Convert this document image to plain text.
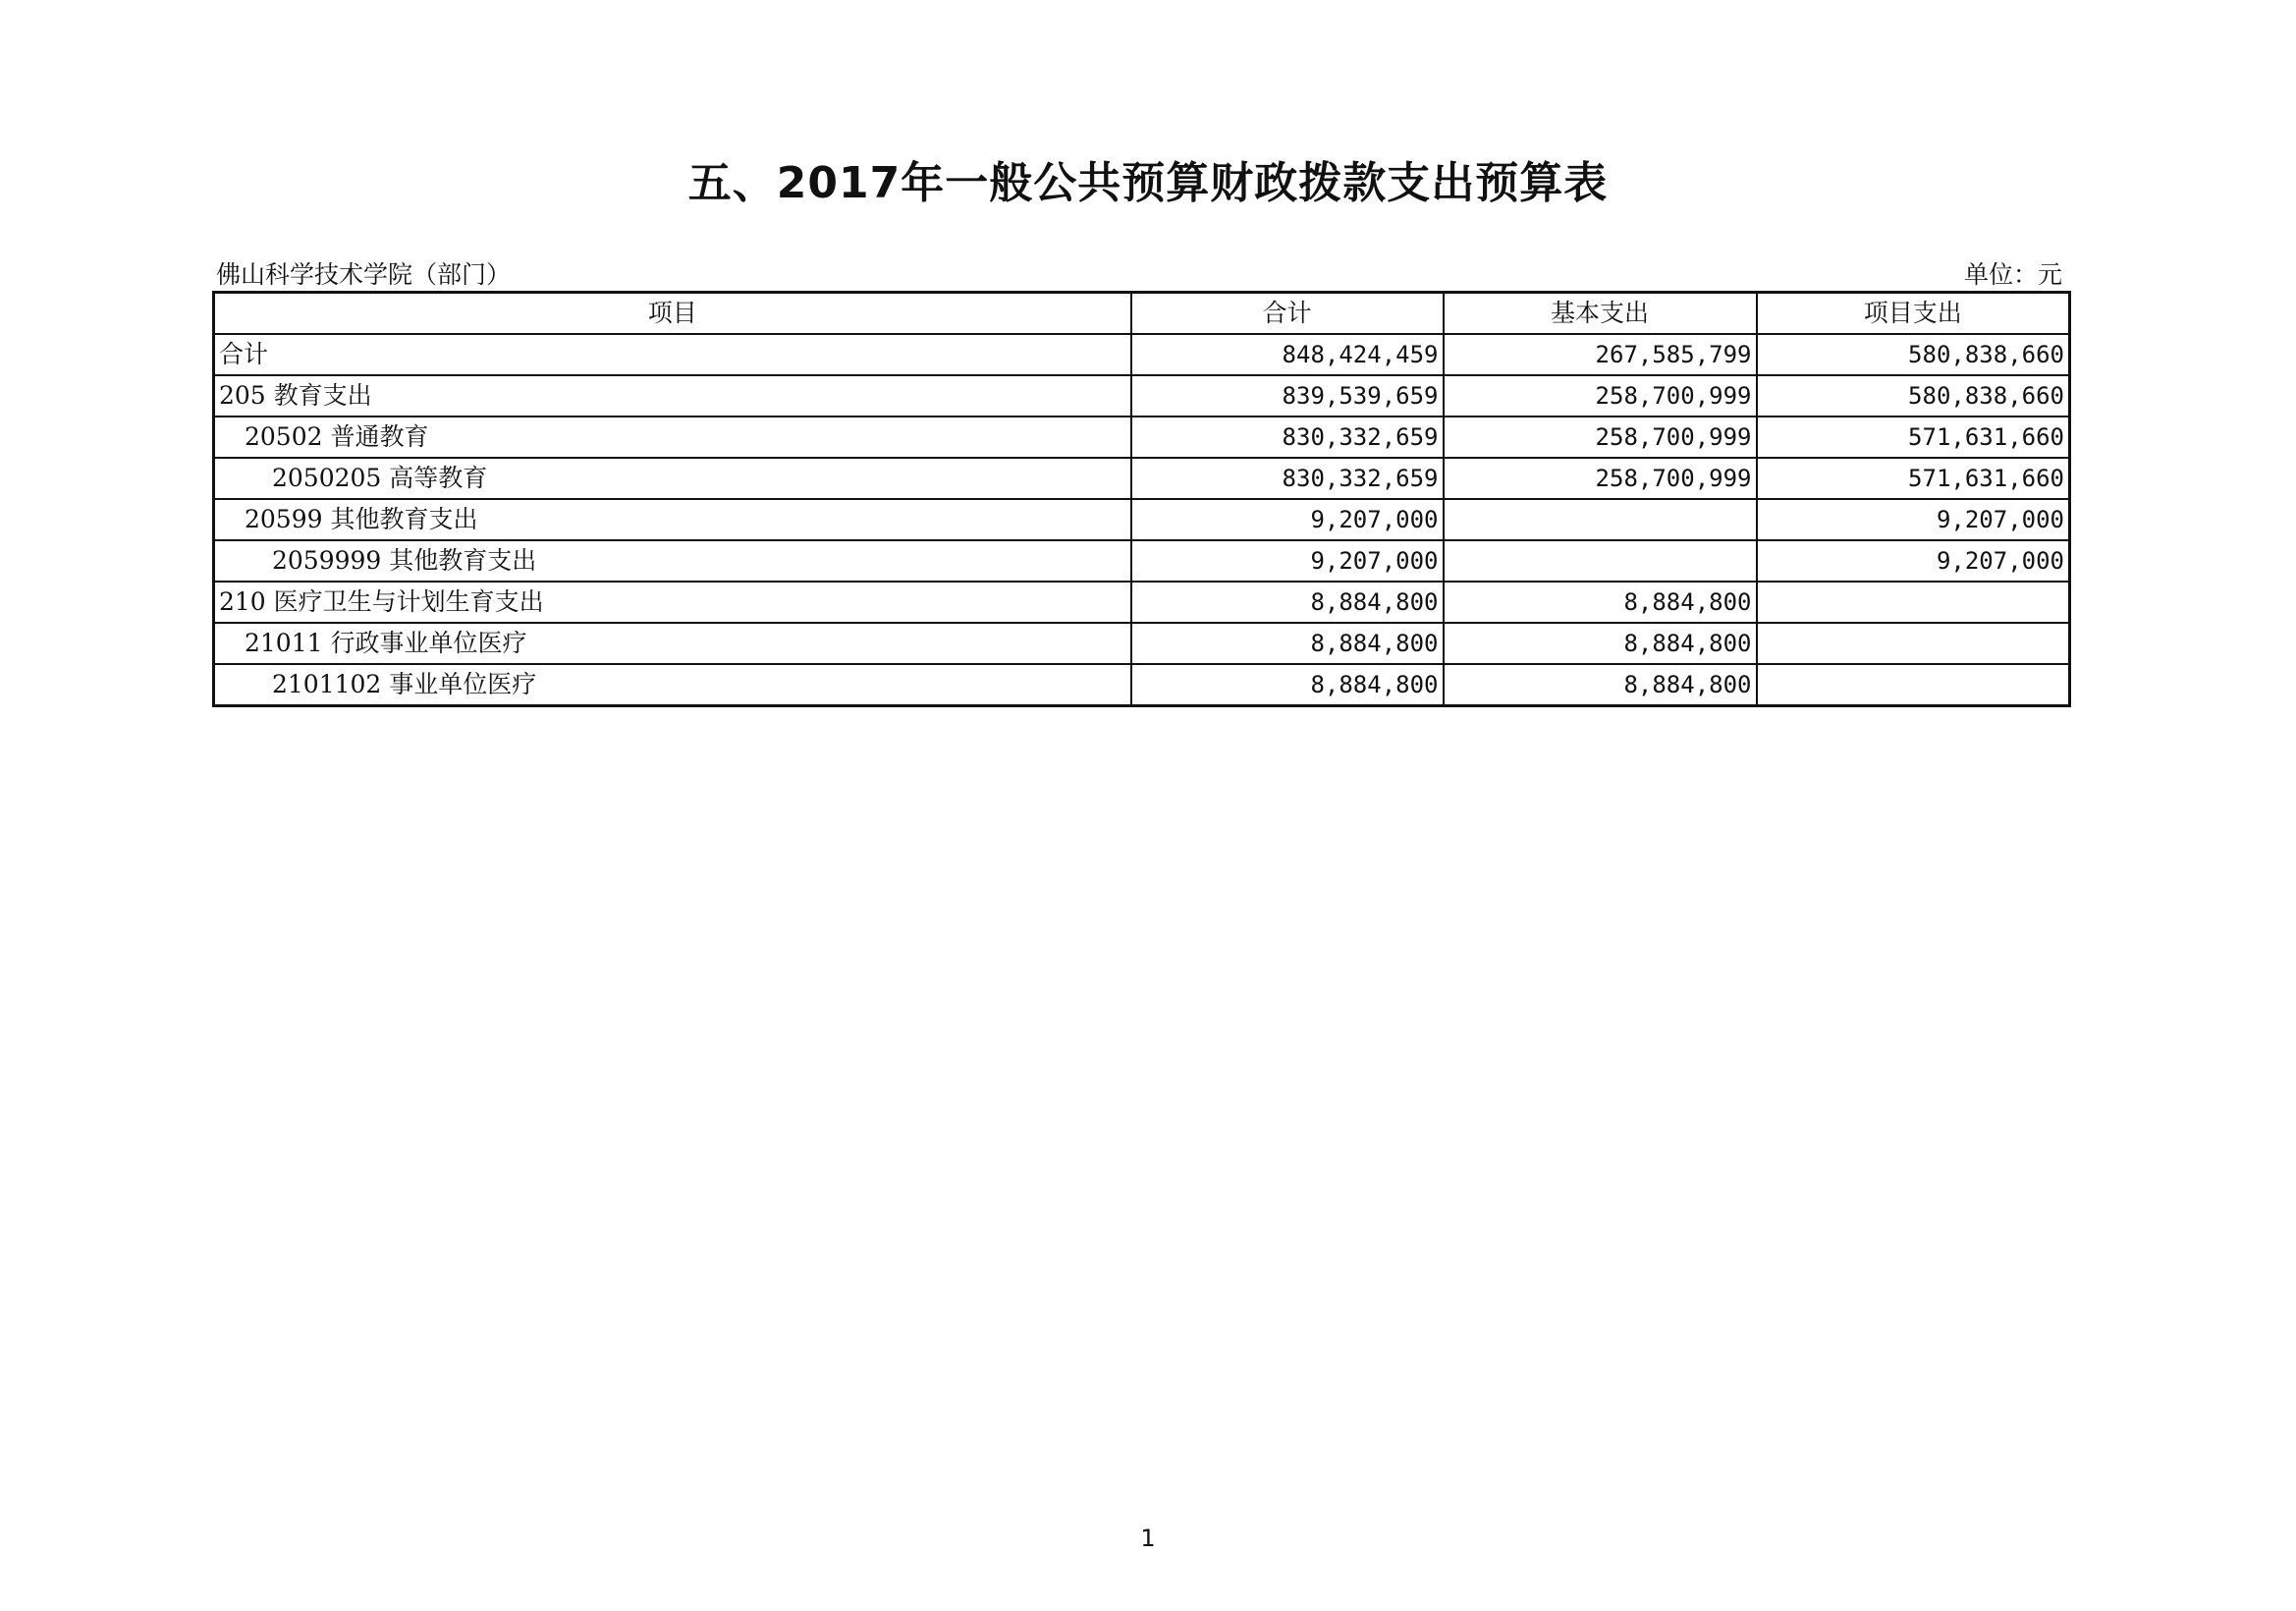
五、2017年一般公共预算财政拨款支出预算表
佛山科学技术学院（部门）	单位：元
项目	合计	基本支出	项目支出
合计	848,424,459	267,585,799	580,838,660
205 教育支出	839,539,659	258,700,999	580,838,660
20502 普通教育	830,332,659	258,700,999	571,631,660
2050205 高等教育	830,332,659	258,700,999	571,631,660
20599 其他教育支出	9,207,000		9,207,000
2059999 其他教育支出	9,207,000		9,207,000
210 医疗卫生与计划生育支出	8,884,800	8,884,800	
21011 行政事业单位医疗	8,884,800	8,884,800	
2101102 事业单位医疗	8,884,800	8,884,800	
1
